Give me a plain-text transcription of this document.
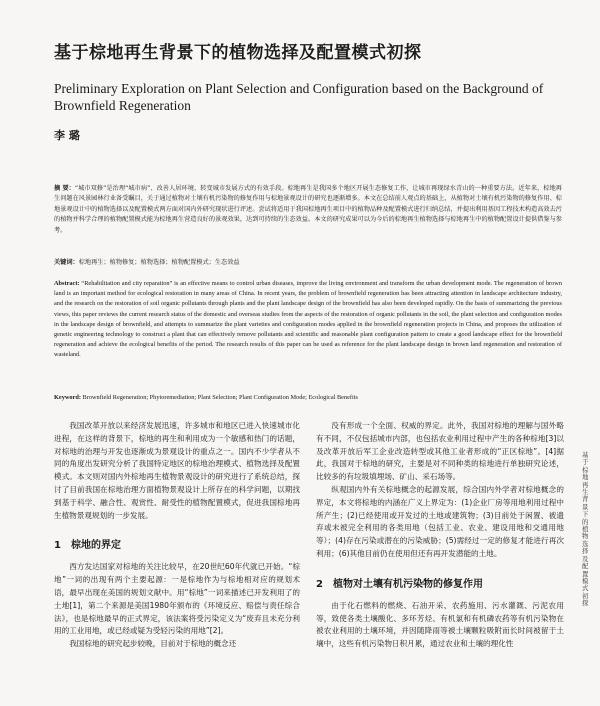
基于棕地再生背景下的植物选择及配置模式初探
Preliminary Exploration on Plant Selection and Configuration based on the Background of Brownfield Regeneration
李 璐
摘 要：“城市双修”是治理“城市病”、改善人居环境、转变城市发展方式的有效手段。棕地再生是我国多个地区开展生态修复工作，让城市再现绿水青山的一种重要方法。近年来，棕地再生问题在风景园林行业备受瞩目，关于通过植物对土壤有机污染物的修复作用与棕地景观设计的研究也逐渐增多。本文在总结前人观点的基础上，从植物对土壤有机污染物的修复作用、棕地景观设计中的植物选择以及配置模式两方面对国内外研究现状进行评述。尝试将适用于我国棕地再生项目中的植物品种及配置模式进行归纳总结，并提出利用基因工程技术构造高效去污的植物并科学合理的植物配置模式能为棕地再生营造良好的景观效果，达到可持续的生态效益。本文的研究成果可以为今后的棕地再生植物选择与棕地再生中的植物配置设计提供借鉴与参考。
关键词：棕地再生；植物修复；植物选择；植物配置模式；生态效益
Abstract: “Rehabilitation and city reparation” is an effective means to control urban diseases, improve the living environment and transform the urban development mode. The regeneration of brown land is an important method for ecological restoration in many areas of China. In recent years, the problem of brownfield regeneration has been attracting attention in landscape architecture industry, and the research on the restoration of soil organic pollutants through plants and the plant landscape design of the brownfield has also been developed rapidly. On the basis of summarizing the previous views, this paper reviews the current research status of the domestic and overseas studies from the aspects of the restoration of organic pollutants in the soil, the plant selection and configuration modes in the landscape design of brownfield, and attempts to summarize the plant varieties and configuration modes applied in the brownfield regeneration projects in China, and proposes the utilization of genetic engineering technology to construct a plant that can effectively remove pollutants and scientific and reasonable plant configuration pattern to create a good landscape effect for the brownfield regeneration and achieve the ecological benefits of the period. The research results of this paper can be used as reference for the plant landscape design in brown land regeneration and restoration of wasteland.
Keyword: Brownfield Regeneration; Phytoremediation; Plant Selection; Plant Configuration Mode; Ecological Benefits

我国改革开放以来经济发展迅速，许多城市和地区已进入快速城市化进程，在这样的背景下，棕地的再生和利用成为一个敏感和热门的话题，对棕地的治理与开发也逐渐成为景观设计的重点之一。国内不少学者从不同的角度出发研究分析了我国特定地区的棕地治理模式、植物选择及配置模式。本文则对国内外棕地再生植物景观设计的研究进行了系统总结，探讨了目前我国在棕地治理方面植物景观设计上所存在的科学问题，以期找到基于科学、融合性、观赏性、耐受性的植物配置模式，促进我国棕地再生植物景观规划的一步发展。

1 棕地的界定

西方发达国家对棕地的关注比较早，在20世纪60年代就已开始。“棕地”一词的出现有两个主要起源：一是棕地作为与棕地相对应的规划术语，最早出现在美国的规划文献中。用“棕地”一词来描述已开发利用了的土地[1]，第二个来源是美国1980年颁布的《环境反应、赔偿与责任综合法》，也是棕地最早的正式界定，该法案将受污染定义为“废弃且未充分利用的工业用地，或已经或疑为受轻污染的用地”[2]。

我国棕地的研究起步较晚，目前对于棕地的概念还

没有形成一个全面、权威的界定。此外，我国对棕地的理解与国外略有不同，不仅包括城市内部，也包括农业利用过程中产生的各种棕地[3]以及改革开放后军工企业改造转型或其他工业者形成的“正区棕地”。[4]据此，我国对于棕地的研究，主要是对不同种类的棕地进行单独研究论述，比较多的有垃圾填埋场、矿山、采石场等。

纵观国内外有关棕地概念的起源发展，综合国内外学者对棕地概念的界定，本文将棕地的内涵在广义上界定为：(1)企业厂房等用地利用过程中所产生；(2)已经使用或开发过的土地或建筑物；(3)目前处于闲置、被遗弃或未被完全利用的各类用地（包括工业、农业、建设用地和交通用地等）；(4)存在污染或潜在的污染威胁；(5)需经过一定的修复才能进行再次利用；(6)其他目前仍在使用但还有再开发潜能的土地。

2 植物对土壤有机污染物的修复作用

由于化石燃料的燃烧、石油开采、农药施用、污水灌溉、污泥农用等，致使各类土壤酸化、多环芳烃、有机氯和有机磷农药等有机污染物在被农业利用的土壤环境，并因随降雨等被土壤颗粒吸附而长时间被留于土壤中，这些有机污染物日积月累，通过农业和土壤的理化性

基于棕地再生背景下的植物选择及配置模式初探
